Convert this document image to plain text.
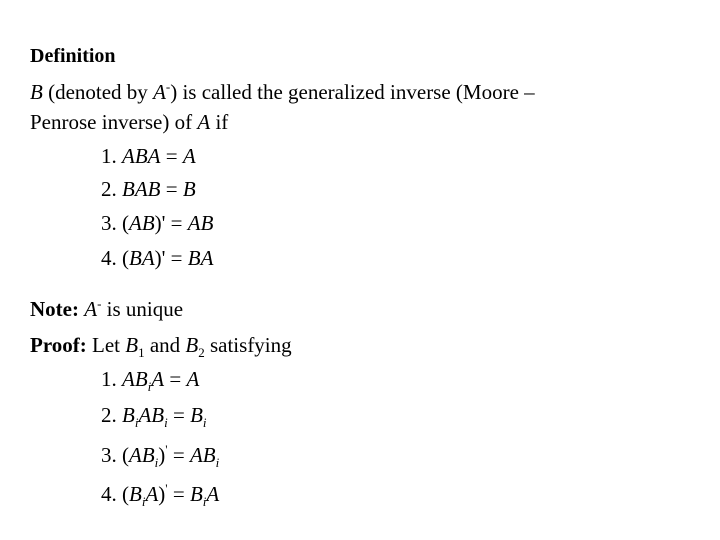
Definition
B (denoted by A-) is called the generalized inverse (Moore –
Penrose inverse) of A if
1. ABA = A
2. BAB = B
3. (AB)' = AB
4. (BA)' = BA
Note: A- is unique
Proof: Let $B_1$ and $B_2$ satisfying
1. $AB_iA = A$
2. $B_iAB_i = B_i$
3. $(AB_i)' = AB_i$
4. $(B_iA)' = B_iA$
